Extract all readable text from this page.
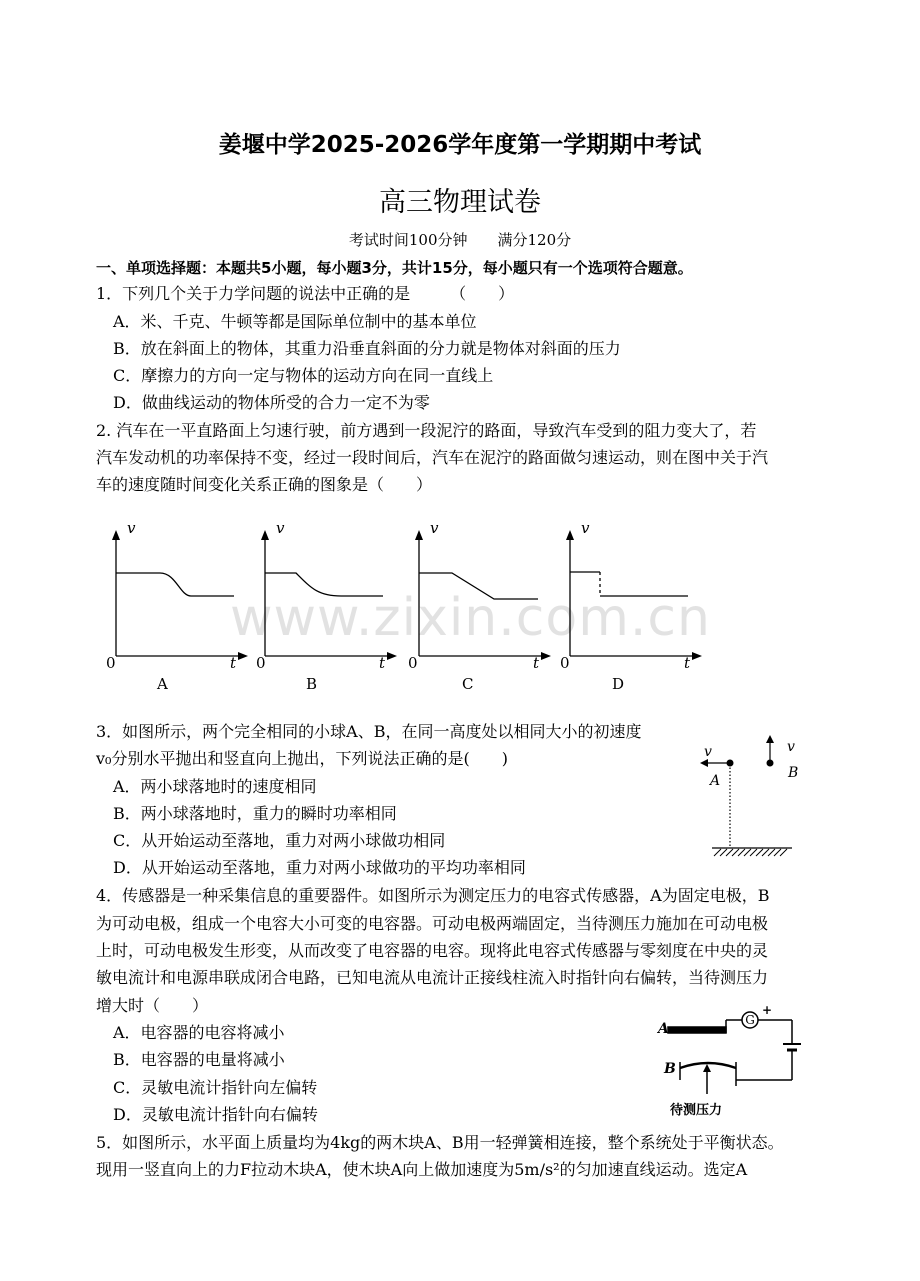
姜堰中学2025-2026学年度第一学期期中考试
高三物理试卷
考试时间100分钟　　满分120分
一、单项选择题：本题共5小题，每小题3分，共计15分，每小题只有一个选项符合题意。
1．下列几个关于力学问题的说法中正确的是　　　（　　）
A．米、千克、牛顿等都是国际单位制中的基本单位
B．放在斜面上的物体，其重力沿垂直斜面的分力就是物体对斜面的压力
C．摩擦力的方向一定与物体的运动方向在同一直线上
D．做曲线运动的物体所受的合力一定不为零
2. 汽车在一平直路面上匀速行驶，前方遇到一段泥泞的路面，导致汽车受到的阻力变大了，若
汽车发动机的功率保持不变，经过一段时间后，汽车在泥泞的路面做匀速运动，则在图中关于汽
车的速度随时间变化关系正确的图象是（　　）
www.zixin.com.cn
v
t
v
t
v
t
v
t
0	0	0	0
A	B	C	D
3．如图所示，两个完全相同的小球A、B，在同一高度处以相同大小的初速度
v₀分别水平抛出和竖直向上抛出，下列说法正确的是(　　)
A．两小球落地时的速度相同
B．两小球落地时，重力的瞬时功率相同
C．从开始运动至落地，重力对两小球做功相同
D．从开始运动至落地，重力对两小球做功的平均功率相同
v
A
v
B
4．传感器是一种采集信息的重要器件。如图所示为测定压力的电容式传感器，A为固定电极，B
为可动电极，组成一个电容大小可变的电容器。可动电极两端固定，当待测压力施加在可动电极
上时，可动电极发生形变，从而改变了电容器的电容。现将此电容式传感器与零刻度在中央的灵
敏电流计和电源串联成闭合电路，已知电流从电流计正接线柱流入时指针向右偏转，当待测压力
增大时（　　）
A．电容器的电容将减小
B．电容器的电量将减小
C．灵敏电流计指针向左偏转
D．灵敏电流计指针向右偏转
G
+
A
B
待测压力
5．如图所示，水平面上质量均为4kg的两木块A、B用一轻弹簧相连接，整个系统处于平衡状态。
现用一竖直向上的力F拉动木块A，使木块A向上做加速度为5m/s²的匀加速直线运动。选定A
